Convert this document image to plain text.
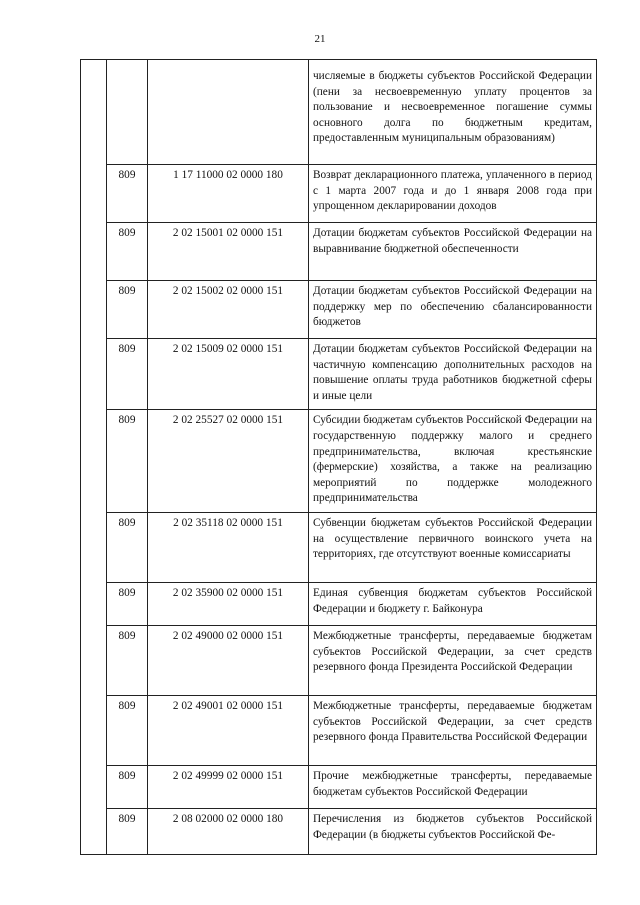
21
			числяемые в бюджеты субъектов Российской Федерации (пени за несвоевременную уплату процентов за пользование и несвоевременное погашение суммы основного долга по бюджетным кредитам, предоставленным муниципальным образованиям)
	809	1 17 11000 02 0000 180	Возврат декларационного платежа, уплаченного в период с 1 марта 2007 года и до 1 января 2008 года при упрощенном декларировании доходов
	809	2 02 15001 02 0000 151	Дотации бюджетам субъектов Российской Федерации на выравнивание бюджетной обеспеченности
	809	2 02 15002 02 0000 151	Дотации бюджетам субъектов Российской Федерации на поддержку мер по обеспечению сбалансированности бюджетов
	809	2 02 15009 02 0000 151	Дотации бюджетам субъектов Российской Федерации на частичную компенсацию дополнительных расходов на повышение оплаты труда работников бюджетной сферы и иные цели
	809	2 02 25527 02 0000 151	Субсидии бюджетам субъектов Российской Федерации на государственную поддержку малого и среднего предпринимательства, включая крестьянские (фермерские) хозяйства, а также на реализацию мероприятий по поддержке молодежного предпринимательства
	809	2 02 35118 02 0000 151	Субвенции бюджетам субъектов Российской Федерации на осуществление первичного воинского учета на территориях, где отсутствуют военные комиссариаты
	809	2 02 35900 02 0000 151	Единая субвенция бюджетам субъектов Российской Федерации и бюджету г. Байконура
	809	2 02 49000 02 0000 151	Межбюджетные трансферты, передаваемые бюджетам субъектов Российской Федерации, за счет средств резервного фонда Президента Российской Федерации
	809	2 02 49001 02 0000 151	Межбюджетные трансферты, передаваемые бюджетам субъектов Российской Федерации, за счет средств резервного фонда Правительства Российской Федерации
	809	2 02 49999 02 0000 151	Прочие межбюджетные трансферты, передаваемые бюджетам субъектов Российской Федерации
	809	2 08 02000 02 0000 180	Перечисления из бюджетов субъектов Российской Федерации (в бюджеты субъектов Российской Фе-
